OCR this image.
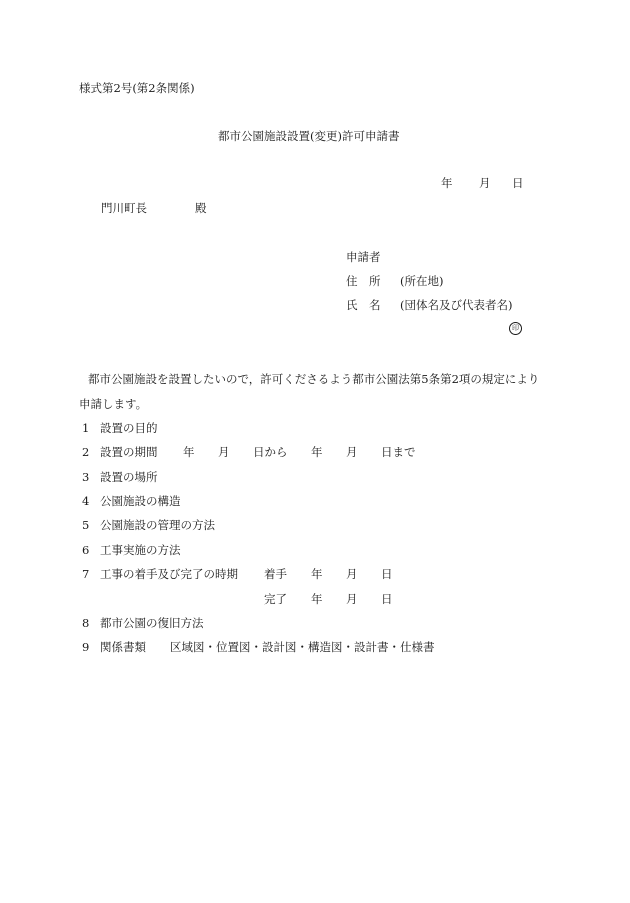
様式第2号(第2条関係)
都市公園施設設置(変更)許可申請書
年 月 日
門川町長	殿
申請者
住　所 (所在地)
氏　名 (団体名及び代表者名)
印
都市公園施設を設置したいので，許可くださるよう都市公園法第5条第2項の規定により
申請します。
1 設置の目的
2 設置の期間 年 月 日から 年 月 日まで
3 設置の場所
4 公園施設の構造
5 公園施設の管理の方法
6 工事実施の方法
7 工事の着手及び完了の時期 着手 年 月 日
完了 年 月 日
8 都市公園の復旧方法
9 関係書類 区域図・位置図・設計図・構造図・設計書・仕様書
